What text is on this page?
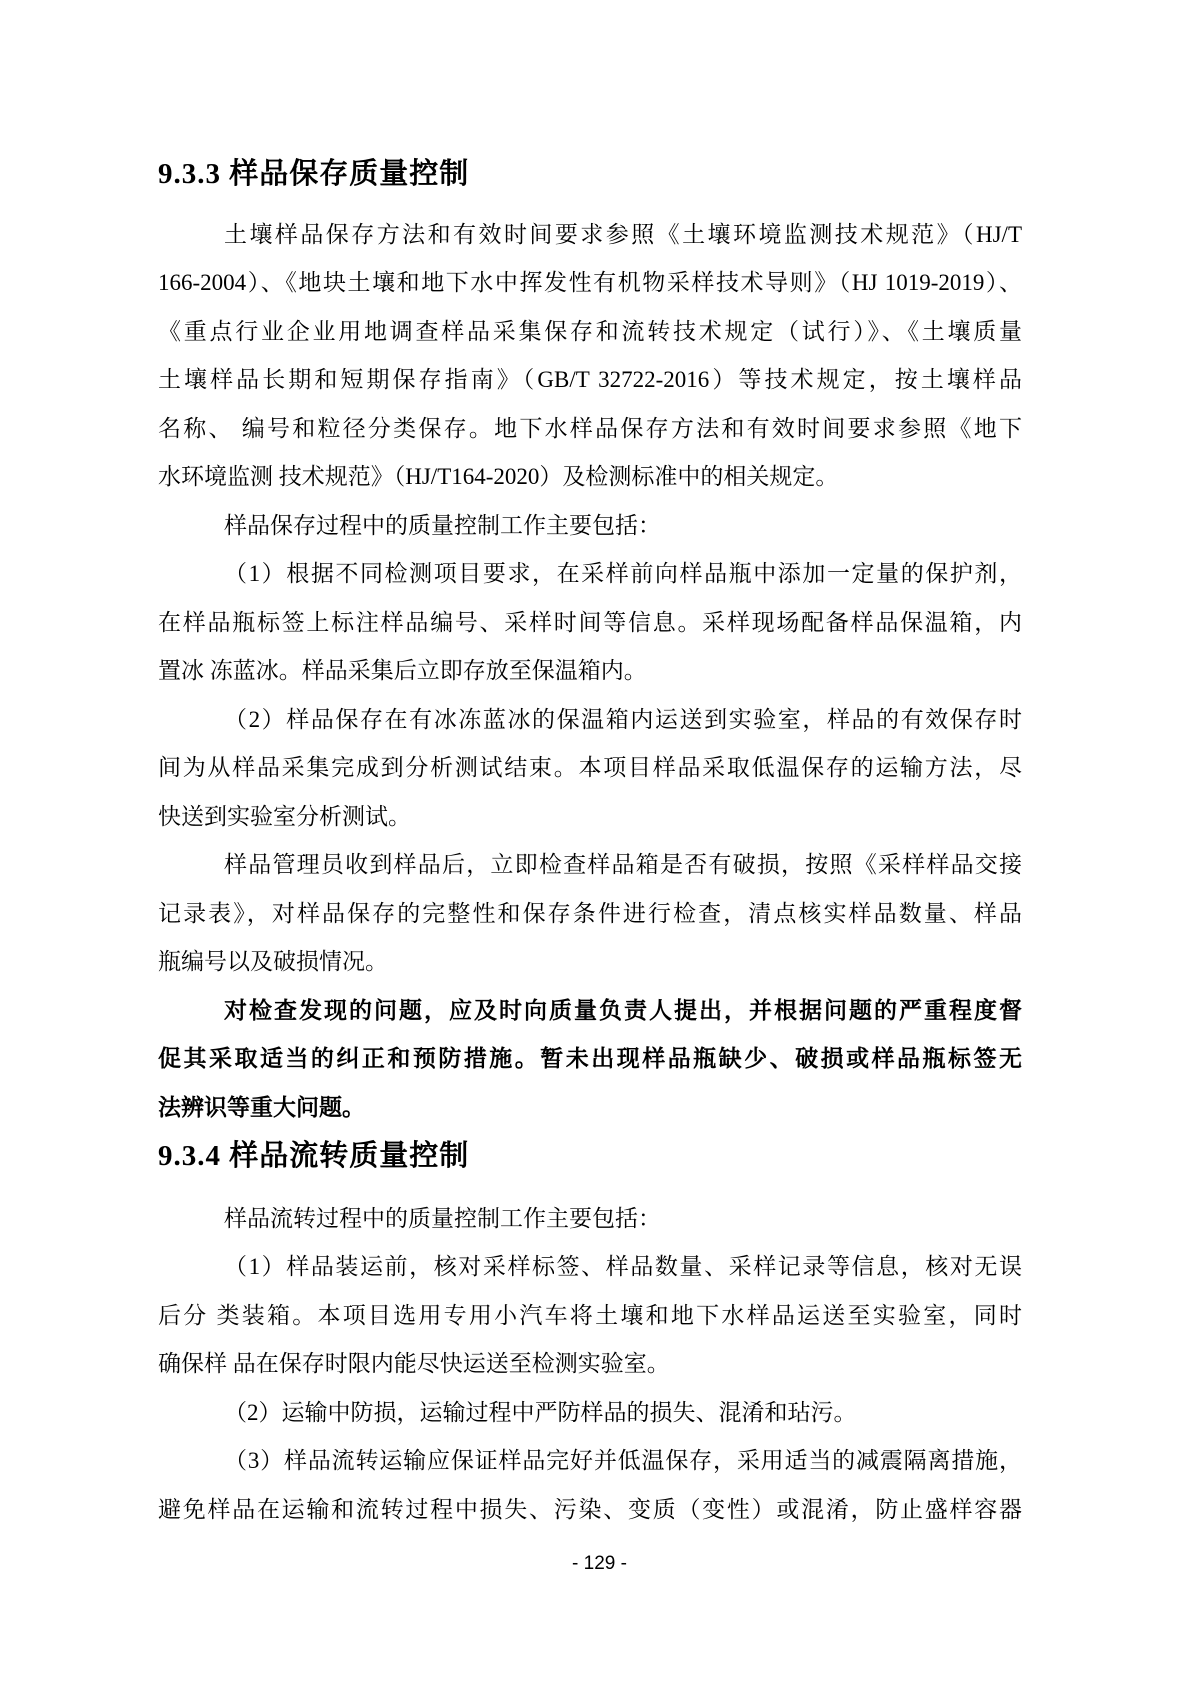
9.3.3 样品保存质量控制
土壤样品保存方法和有效时间要求参照《土壤环境监测技术规范》（HJ/T
166-2004）、《地块土壤和地下水中挥发性有机物采样技术导则》（HJ 1019-2019）、
《重点行业企业用地调查样品采集保存和流转技术规定（试行）》、《土壤质量
土壤样品长期和短期保存指南》（GB/T 32722-2016）等技术规定，按土壤样品
名称、 编号和粒径分类保存。地下水样品保存方法和有效时间要求参照《地下
水环境监测 技术规范》（HJ/T164-2020）及检测标准中的相关规定。
样品保存过程中的质量控制工作主要包括：
（1）根据不同检测项目要求，在采样前向样品瓶中添加一定量的保护剂，
在样品瓶标签上标注样品编号、采样时间等信息。采样现场配备样品保温箱，内
置冰 冻蓝冰。样品采集后立即存放至保温箱内。
（2）样品保存在有冰冻蓝冰的保温箱内运送到实验室，样品的有效保存时
间为从样品采集完成到分析测试结束。本项目样品采取低温保存的运输方法，尽
快送到实验室分析测试。
样品管理员收到样品后，立即检查样品箱是否有破损，按照《采样样品交接
记录表》，对样品保存的完整性和保存条件进行检查，清点核实样品数量、样品
瓶编号以及破损情况。
对检查发现的问题，应及时向质量负责人提出，并根据问题的严重程度督
促其采取适当的纠正和预防措施。暂未出现样品瓶缺少、破损或样品瓶标签无
法辨识等重大问题。
9.3.4 样品流转质量控制
样品流转过程中的质量控制工作主要包括：
（1）样品装运前，核对采样标签、样品数量、采样记录等信息，核对无误
后分 类装箱。本项目选用专用小汽车将土壤和地下水样品运送至实验室，同时
确保样 品在保存时限内能尽快运送至检测实验室。
（2）运输中防损，运输过程中严防样品的损失、混淆和玷污。
（3）样品流转运输应保证样品完好并低温保存，采用适当的减震隔离措施，
避免样品在运输和流转过程中损失、污染、变质（变性）或混淆，防止盛样容器
- 129 -
